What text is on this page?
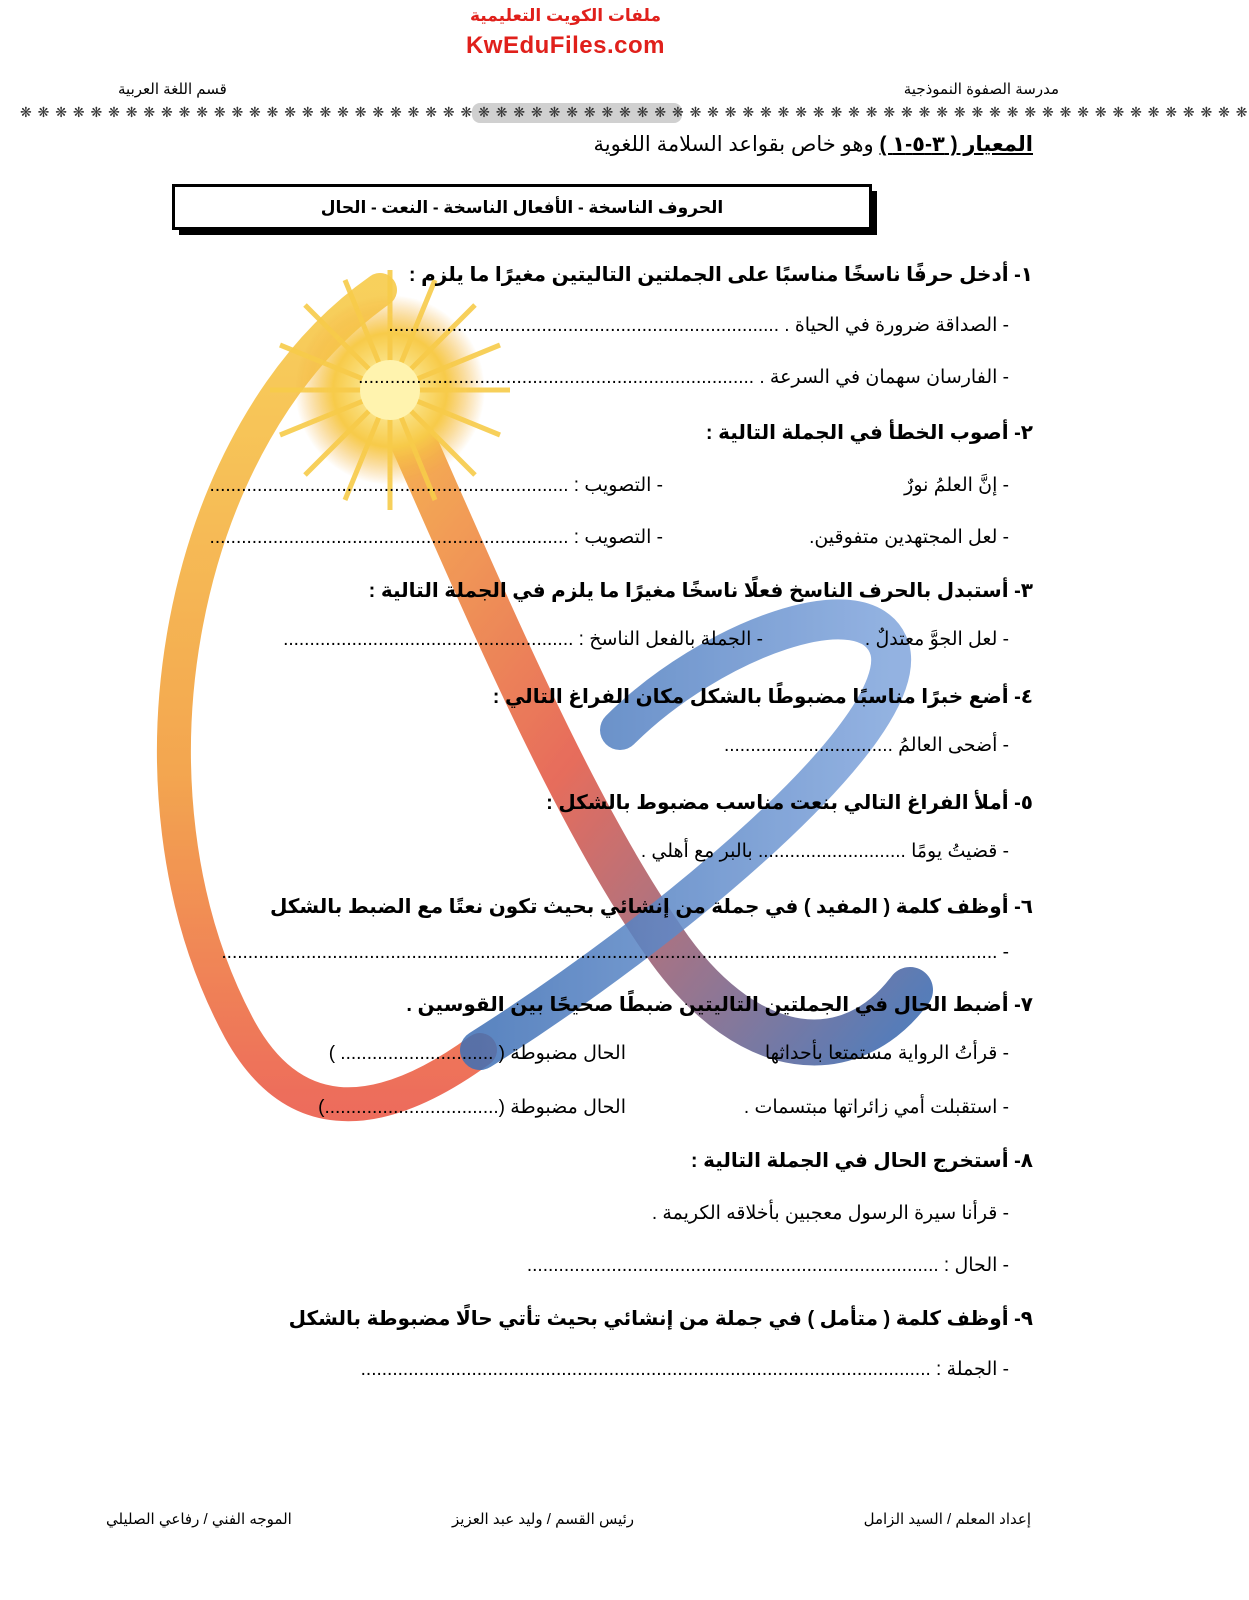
ملفات الكويت التعليمية
KwEduFiles.com
مدرسة الصفوة النموذجية
قسم اللغة العربية
❋ ❋ ❋ ❋ ❋ ❋ ❋ ❋ ❋ ❋ ❋ ❋ ❋ ❋ ❋ ❋ ❋ ❋ ❋ ❋ ❋ ❋ ❋ ❋ ❋ ❋ ❋ ❋ ❋ ❋ ❋ ❋ ❋ ❋ ❋ ❋ ❋ ❋ ❋ ❋ ❋ ❋ ❋ ❋ ❋ ❋ ❋ ❋ ❋ ❋ ❋ ❋ ❋ ❋ ❋ ❋ ❋ ❋ ❋ ❋ ❋ ❋ ❋ ❋ ❋ ❋ ❋ ❋ ❋ ❋
المعيار ( ٣-٥-١ ) وهو خاص بقواعد السلامة اللغوية
الحروف الناسخة - الأفعال الناسخة - النعت - الحال
١- أدخل حرفًا ناسخًا مناسبًا على الجملتين التاليتين مغيرًا ما يلزم :
- الصداقة ضرورة في الحياة . ..........................................................................
- الفارسان سهمان في السرعة . ...........................................................................
٢- أصوب الخطأ في الجملة التالية :
- إنَّ العلمُ نورٌ
- التصويب : ....................................................................
- لعل المجتهدين متفوقين.
- التصويب : ....................................................................
٣- أستبدل بالحرف الناسخ فعلًا ناسخًا مغيرًا ما يلزم في الجملة التالية :
- لعل الجوَّ معتدلٌ .
- الجملة بالفعل الناسخ : .......................................................
٤- أضع خبرًا مناسبًا مضبوطًا بالشكل مكان الفراغ التالي :
- أضحى العالمُ ................................
٥- أملأ الفراغ التالي بنعت مناسب مضبوط بالشكل :
- قضيتُ يومًا ............................ بالبر مع أهلي .
٦- أوظف كلمة ( المفيد ) في جملة من إنشائي بحيث تكون نعتًا مع الضبط بالشكل
- ...................................................................................................................................................
٧- أضبط الحال في الجملتين التاليتين ضبطًا صحيحًا بين القوسين .
- قرأتُ الرواية مستمتعا بأحداثها
الحال مضبوطة ( ............................. )
- استقبلت أمي زائراتها مبتسمات .
الحال مضبوطة (.................................)
٨- أستخرج الحال في الجملة التالية :
- قرأنا سيرة الرسول معجبين بأخلاقه الكريمة .
- الحال : ..............................................................................
٩- أوظف كلمة ( متأمل ) في جملة من إنشائي بحيث تأتي حالًا مضبوطة بالشكل
- الجملة : ............................................................................................................
إعداد المعلم / السيد الزامل
رئيس القسم / وليد عبد العزيز
الموجه الفني / رفاعي الصليلي
